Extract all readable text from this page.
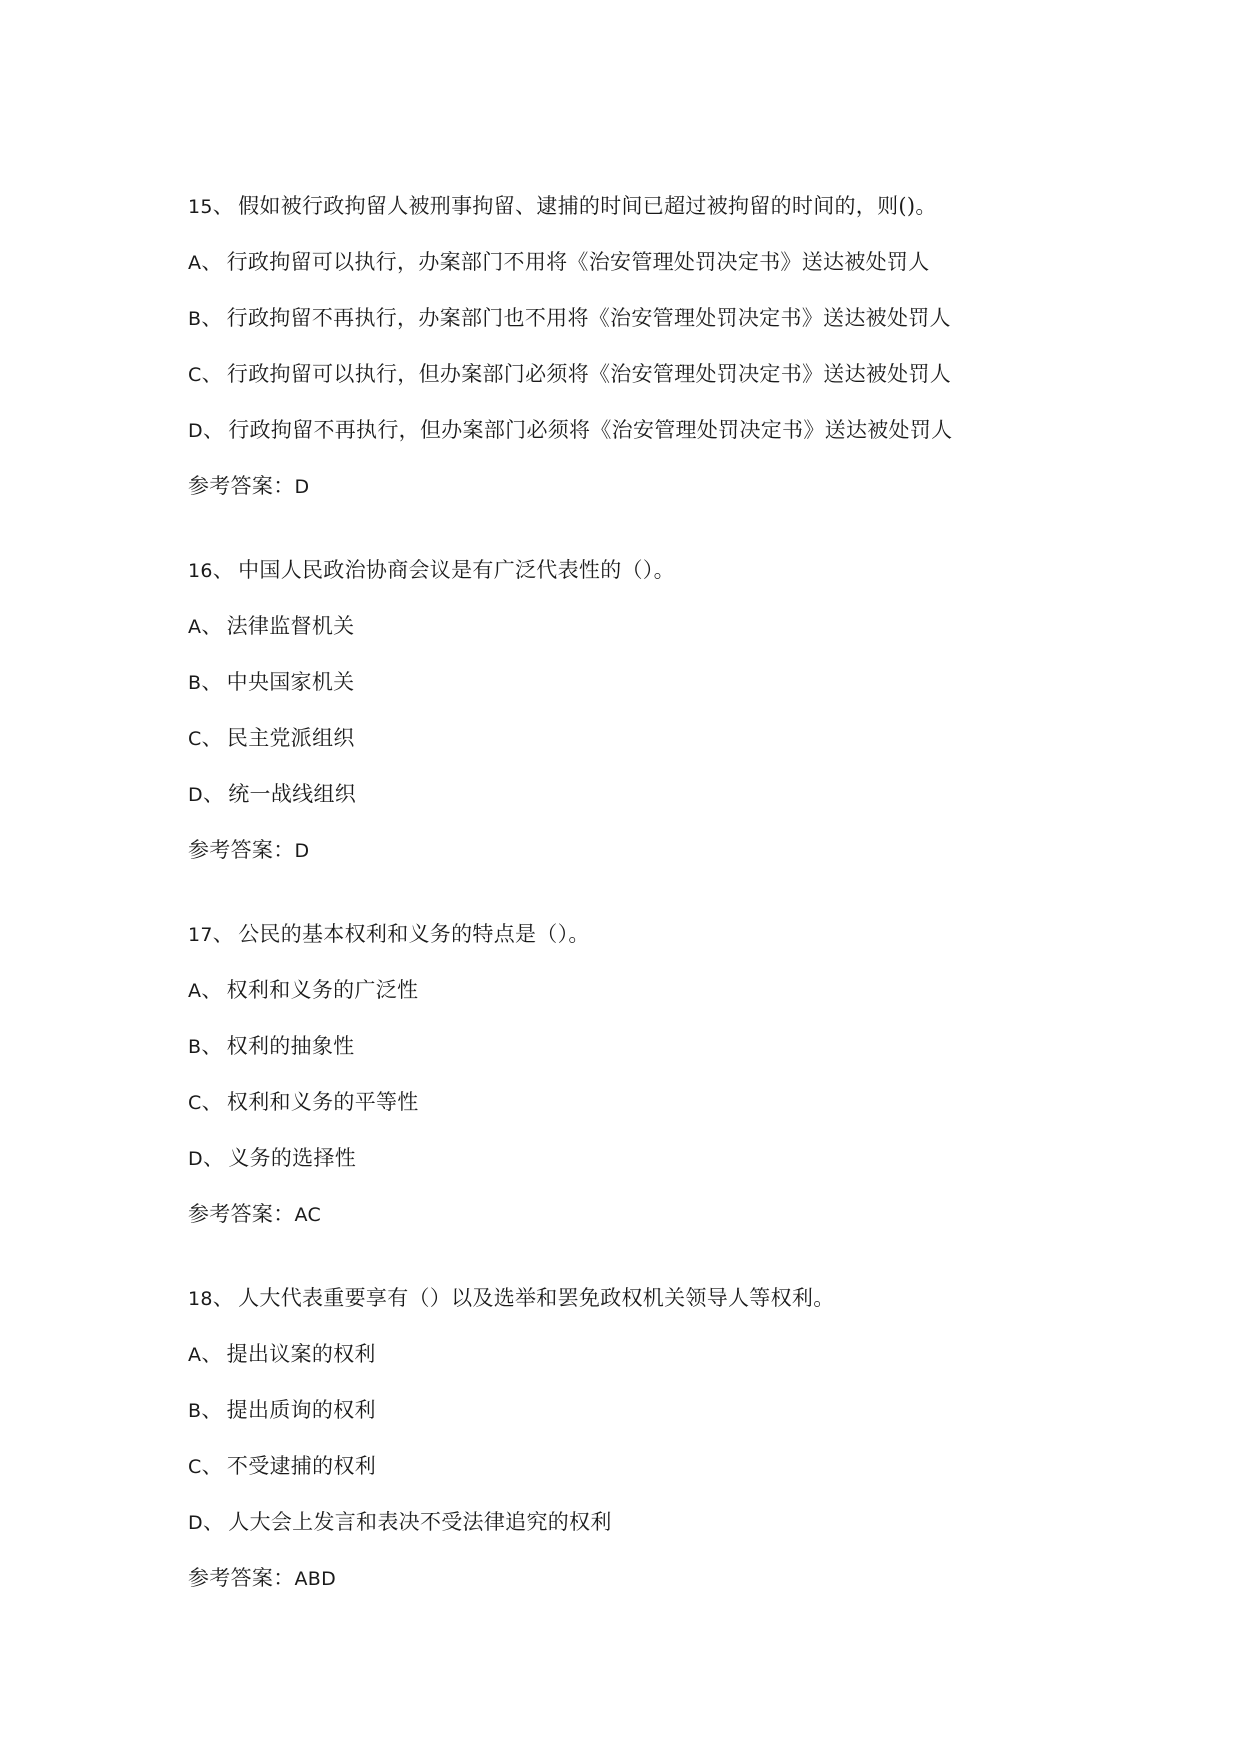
15、 假如被行政拘留人被刑事拘留、逮捕的时间已超过被拘留的时间的，则()。
A、 行政拘留可以执行，办案部门不用将《治安管理处罚决定书》送达被处罚人
B、 行政拘留不再执行，办案部门也不用将《治安管理处罚决定书》送达被处罚人
C、 行政拘留可以执行，但办案部门必须将《治安管理处罚决定书》送达被处罚人
D、 行政拘留不再执行，但办案部门必须将《治安管理处罚决定书》送达被处罚人
参考答案：D
16、 中国人民政治协商会议是有广泛代表性的（）。
A、 法律监督机关
B、 中央国家机关
C、 民主党派组织
D、 统一战线组织
参考答案：D
17、 公民的基本权利和义务的特点是（）。
A、 权利和义务的广泛性
B、 权利的抽象性
C、 权利和义务的平等性
D、 义务的选择性
参考答案：AC
18、 人大代表重要享有（）以及选举和罢免政权机关领导人等权利。
A、 提出议案的权利
B、 提出质询的权利
C、 不受逮捕的权利
D、 人大会上发言和表决不受法律追究的权利
参考答案：ABD
